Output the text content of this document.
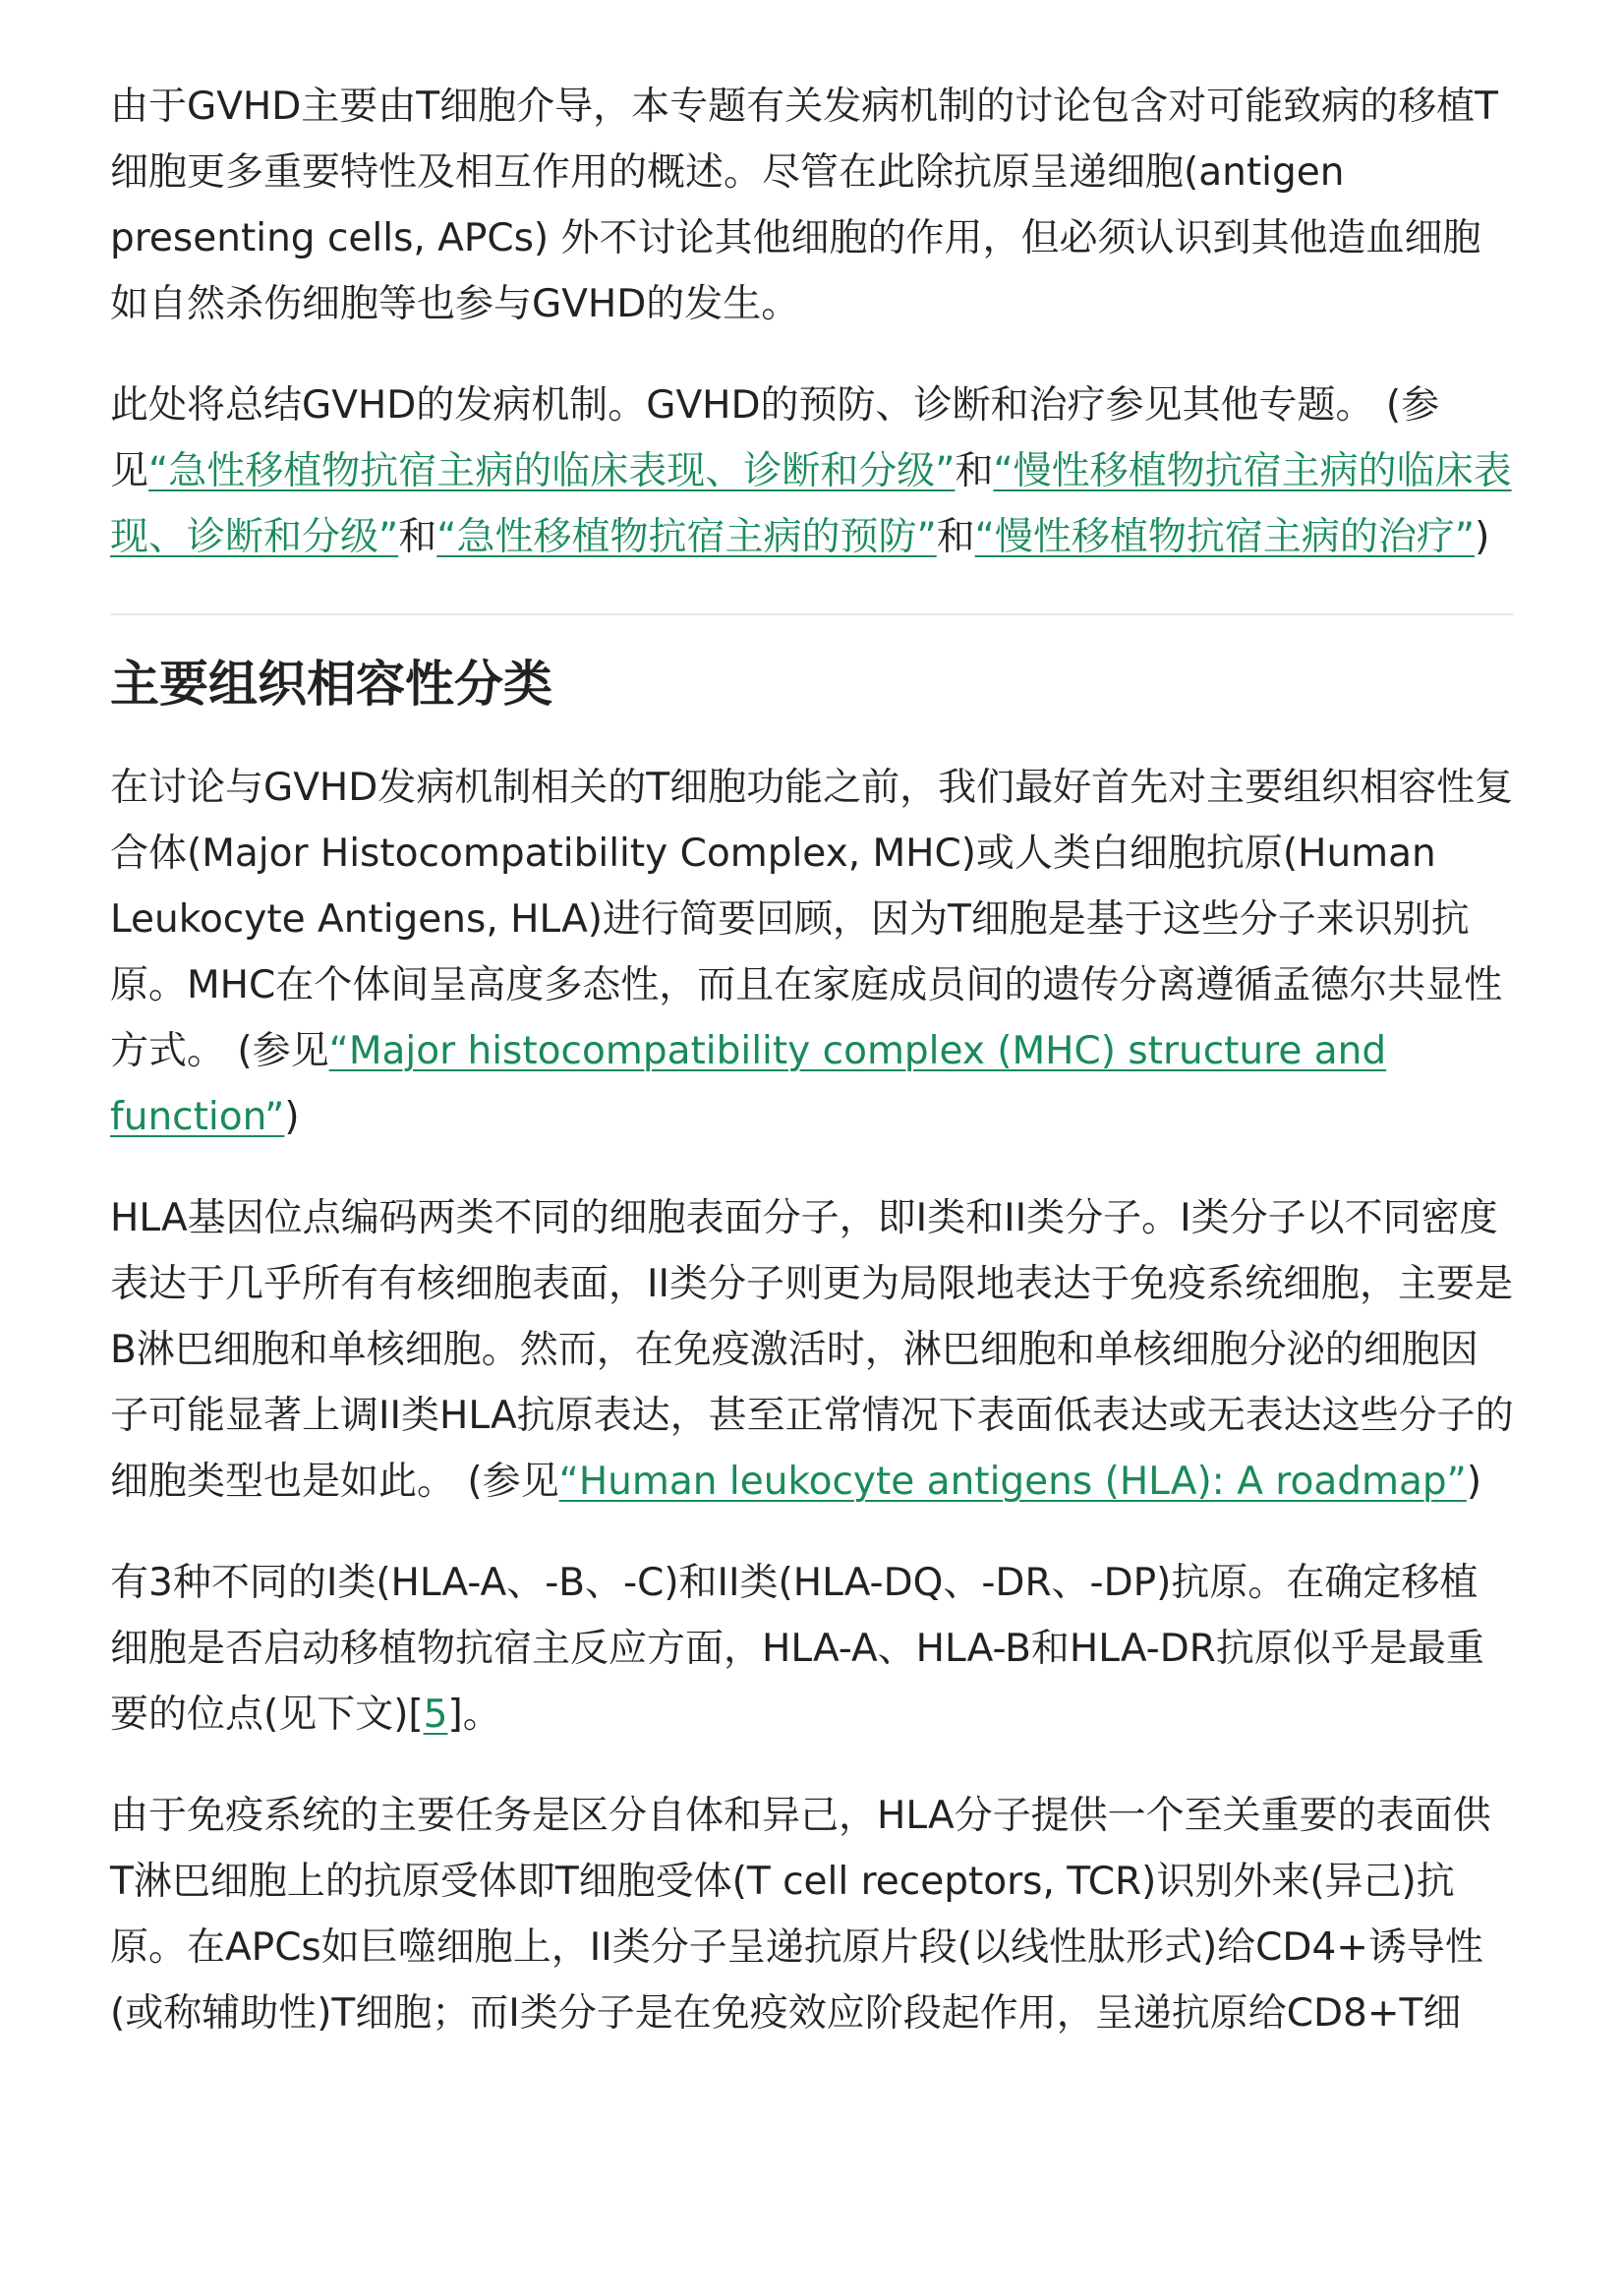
由于GVHD主要由T细胞介导，本专题有关发病机制的讨论包含对可能致病的移植T细胞更多重要特性及相互作用的概述。尽管在此除抗原呈递细胞(antigen presenting cells, APCs) 外不讨论其他细胞的作用，但必须认识到其他造血细胞如自然杀伤细胞等也参与GVHD的发生。

此处将总结GVHD的发病机制。GVHD的预防、诊断和治疗参见其他专题。 (参见“急性移植物抗宿主病的临床表现、诊断和分级”和“慢性移植物抗宿主病的临床表现、诊断和分级”和“急性移植物抗宿主病的预防”和“慢性移植物抗宿主病的治疗”)

主要组织相容性分类

在讨论与GVHD发病机制相关的T细胞功能之前，我们最好首先对主要组织相容性复合体(Major Histocompatibility Complex, MHC)或人类白细胞抗原(Human Leukocyte Antigens, HLA)进行简要回顾，因为T细胞是基于这些分子来识别抗原。MHC在个体间呈高度多态性，而且在家庭成员间的遗传分离遵循孟德尔共显性方式。 (参见“Major histocompatibility complex (MHC) structure and function”)

HLA基因位点编码两类不同的细胞表面分子，即I类和II类分子。I类分子以不同密度表达于几乎所有有核细胞表面，II类分子则更为局限地表达于免疫系统细胞，主要是B淋巴细胞和单核细胞。然而，在免疫激活时，淋巴细胞和单核细胞分泌的细胞因子可能显著上调II类HLA抗原表达，甚至正常情况下表面低表达或无表达这些分子的细胞类型也是如此。 (参见“Human leukocyte antigens (HLA): A roadmap”)

有3种不同的I类(HLA-A、-B、-C)和II类(HLA-DQ、-DR、-DP)抗原。在确定移植细胞是否启动移植物抗宿主反应方面，HLA-A、HLA-B和HLA-DR抗原似乎是最重要的位点(见下文)[5]。

由于免疫系统的主要任务是区分自体和异己，HLA分子提供一个至关重要的表面供T淋巴细胞上的抗原受体即T细胞受体(T cell receptors, TCR)识别外来(异己)抗原。在APCs如巨噬细胞上，II类分子呈递抗原片段(以线性肽形式)给CD4+诱导性(或称辅助性)T细胞；而I类分子是在免疫效应阶段起作用，呈递抗原给CD8+T细
